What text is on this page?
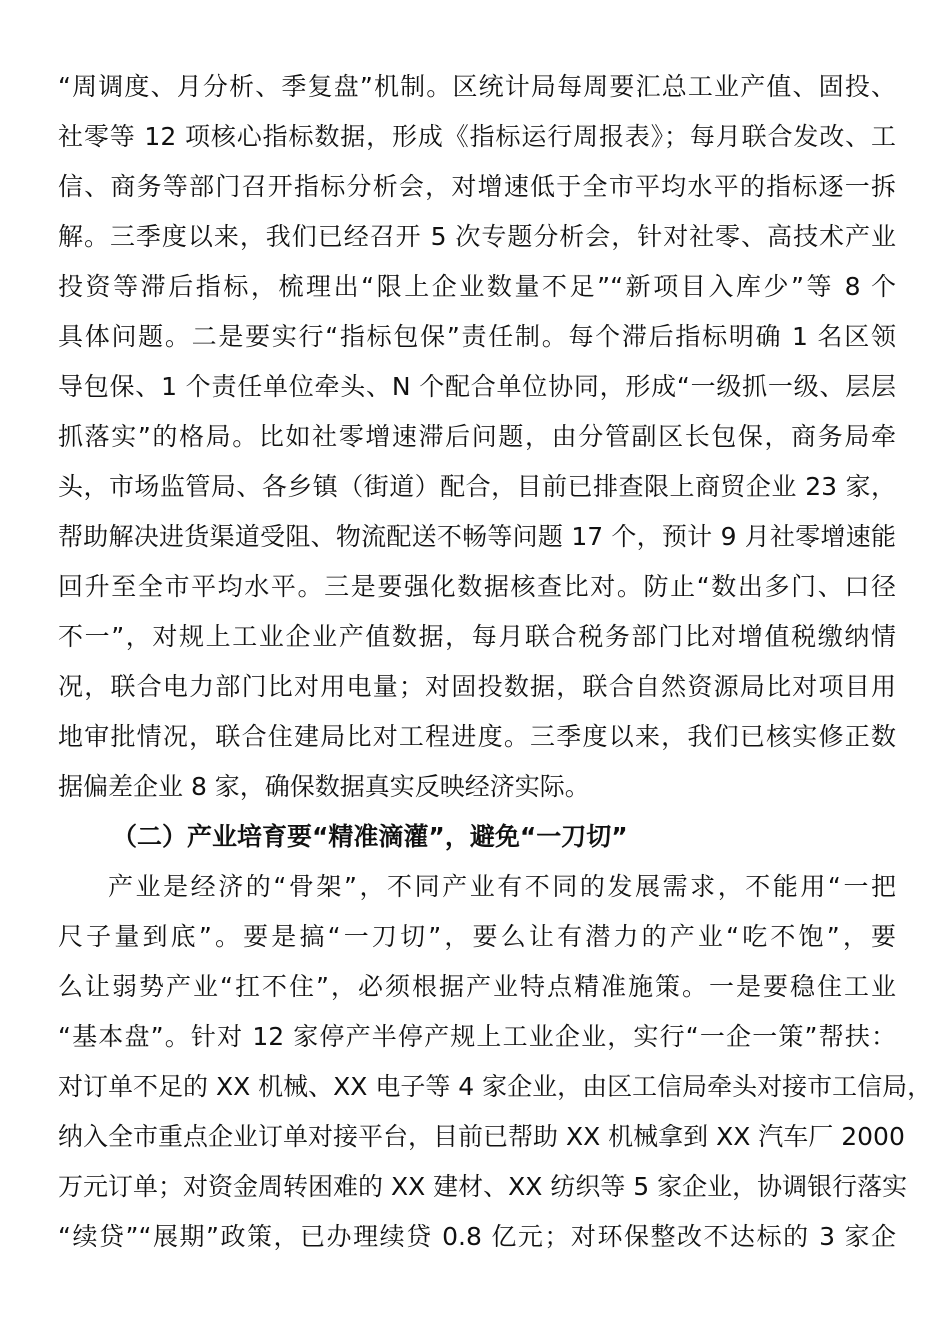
“周调度、月分析、季复盘”机制。区统计局每周要汇总工业产值、固投、
社零等 12 项核心指标数据，形成《指标运行周报表》；每月联合发改、工
信、商务等部门召开指标分析会，对增速低于全市平均水平的指标逐一拆
解。三季度以来，我们已经召开 5 次专题分析会，针对社零、高技术产业
投资等滞后指标，梳理出“限上企业数量不足”“新项目入库少”等 8 个
具体问题。二是要实行“指标包保”责任制。每个滞后指标明确 1 名区领
导包保、1 个责任单位牵头、N 个配合单位协同，形成“一级抓一级、层层
抓落实”的格局。比如社零增速滞后问题，由分管副区长包保，商务局牵
头，市场监管局、各乡镇（街道）配合，目前已排查限上商贸企业 23 家，
帮助解决进货渠道受阻、物流配送不畅等问题 17 个，预计 9 月社零增速能
回升至全市平均水平。三是要强化数据核查比对。防止“数出多门、口径
不一”，对规上工业企业产值数据，每月联合税务部门比对增值税缴纳情
况，联合电力部门比对用电量；对固投数据，联合自然资源局比对项目用
地审批情况，联合住建局比对工程进度。三季度以来，我们已核实修正数
据偏差企业 8 家，确保数据真实反映经济实际。
（二）产业培育要“精准滴灌”，避免“一刀切”
产业是经济的“骨架”，不同产业有不同的发展需求，不能用“一把
尺子量到底”。要是搞“一刀切”，要么让有潜力的产业“吃不饱”，要
么让弱势产业“扛不住”，必须根据产业特点精准施策。一是要稳住工业
“基本盘”。针对 12 家停产半停产规上工业企业，实行“一企一策”帮扶：
对订单不足的 XX 机械、XX 电子等 4 家企业，由区工信局牵头对接市工信局，
纳入全市重点企业订单对接平台，目前已帮助 XX 机械拿到 XX 汽车厂 2000
万元订单；对资金周转困难的 XX 建材、XX 纺织等 5 家企业，协调银行落实
“续贷”“展期”政策，已办理续贷 0.8 亿元；对环保整改不达标的 3 家企
